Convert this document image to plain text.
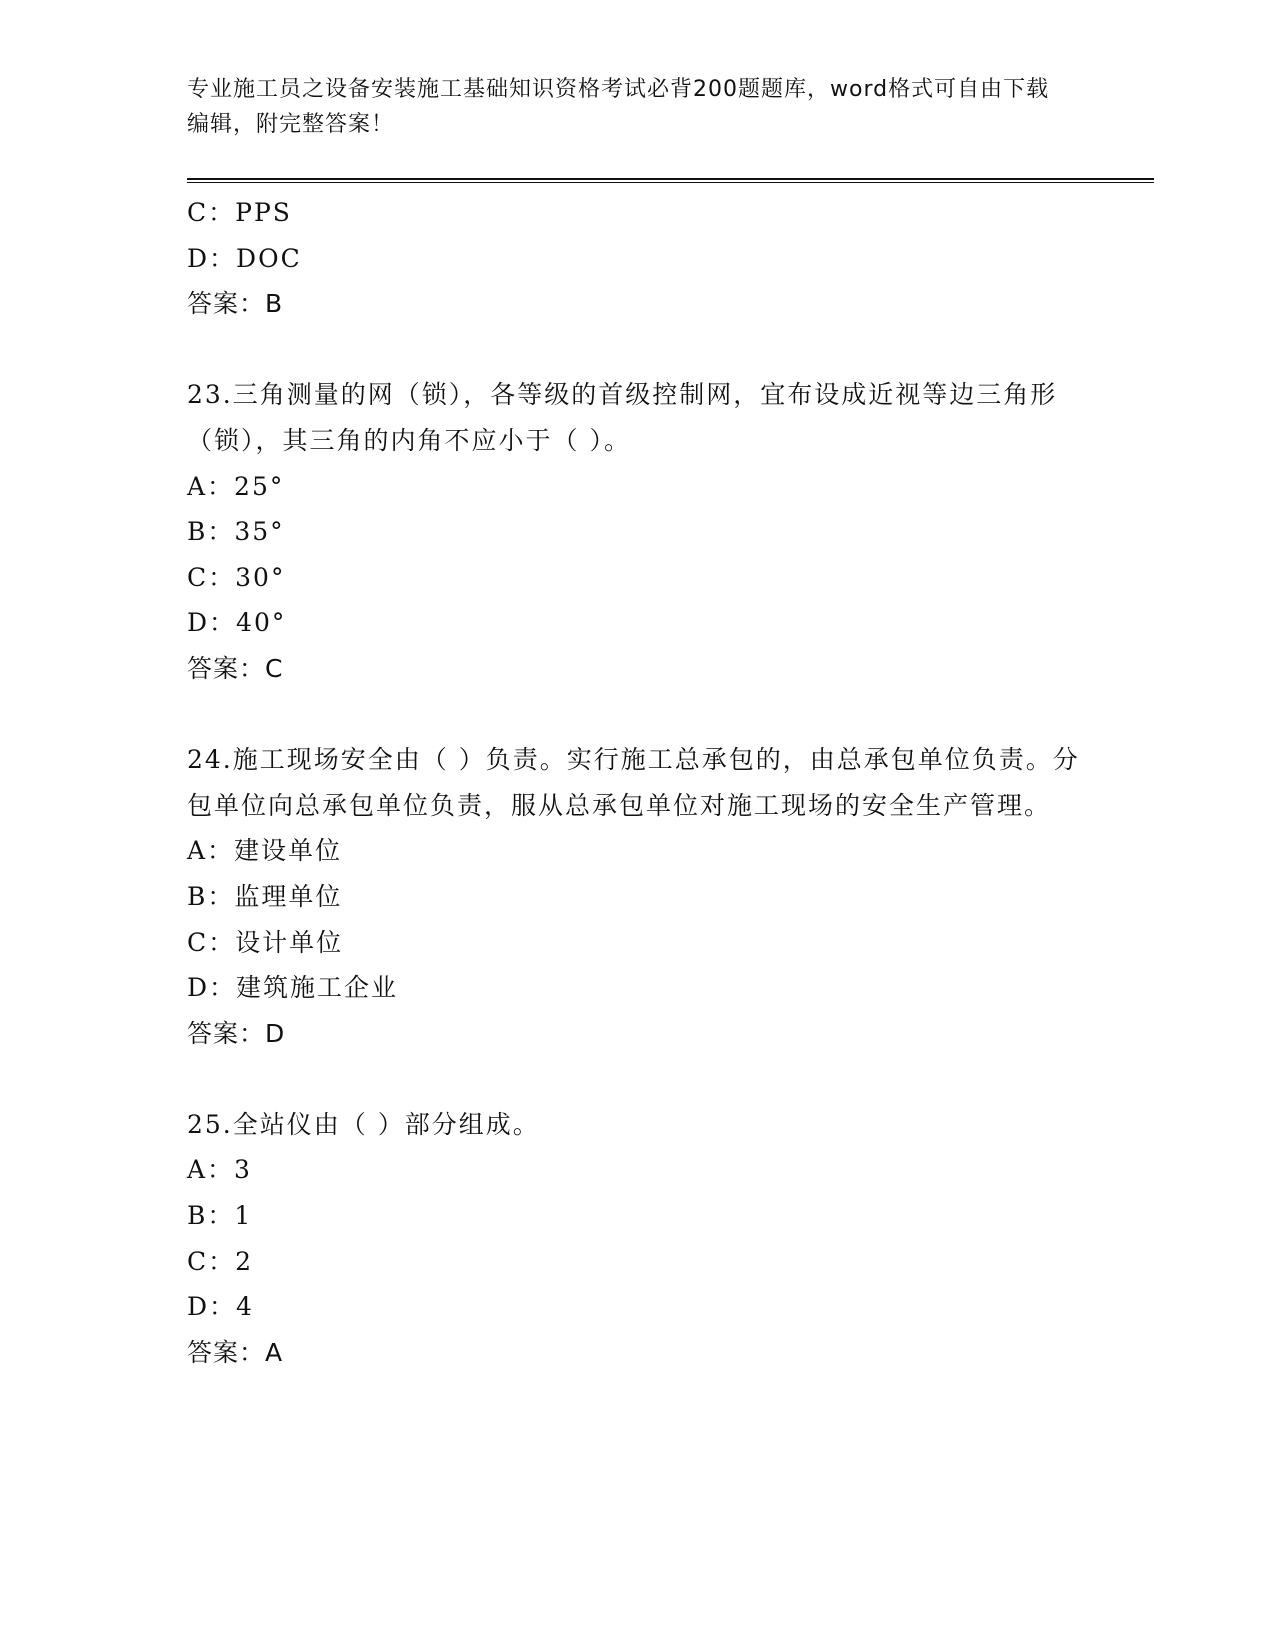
专业施工员之设备安装施工基础知识资格考试必背200题题库，word格式可自由下载编辑，附完整答案！
C：PPS
D：DOC
答案：B
23.三角测量的网（锁），各等级的首级控制网，宜布设成近视等边三角形（锁），其三角的内角不应小于（ ）。
A：25°
B：35°
C：30°
D：40°
答案：C
24.施工现场安全由（ ）负责。实行施工总承包的，由总承包单位负责。分包单位向总承包单位负责，服从总承包单位对施工现场的安全生产管理。
A：建设单位
B：监理单位
C：设计单位
D：建筑施工企业
答案：D
25.全站仪由（ ）部分组成。
A：3
B：1
C：2
D：4
答案：A
